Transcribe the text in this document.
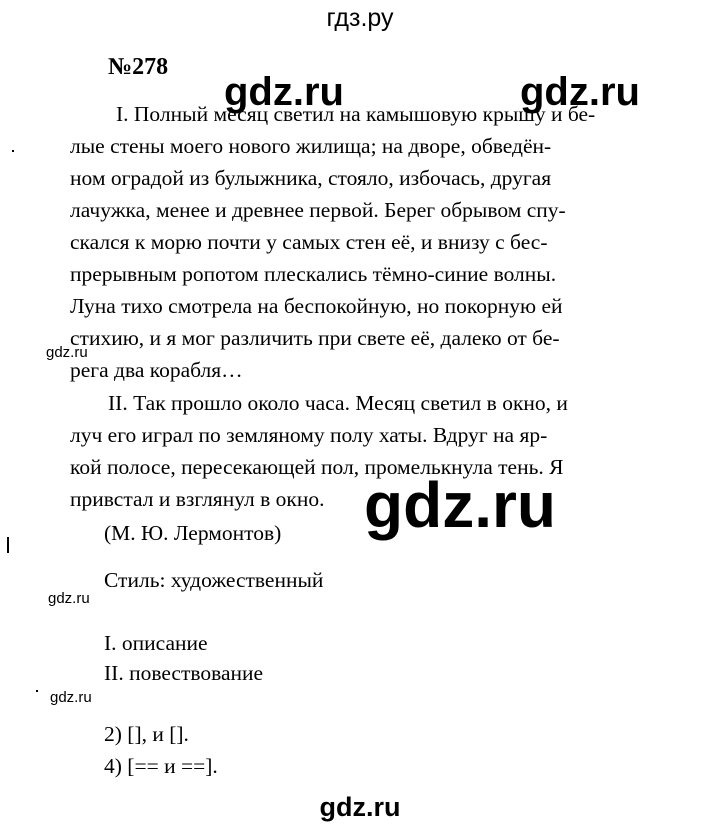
гдз.ру
№278
I. Полный месяц светил на камышовую крышу и бе-
лые стены моего нового жилища; на дворе, обведён-
ном оградой из булыжника, стояло, избочась, другая
лачужка, менее и древнее первой. Берег обрывом спу-
скался к морю почти у самых стен её, и внизу с бес-
прерывным ропотом плескались тёмно-синие волны.
Луна тихо смотрела на беспокойную, но покорную ей
стихию, и я мог различить при свете её, далеко от бе-
рега два корабля…
II. Так прошло около часа. Месяц светил в окно, и
луч его играл по земляному полу хаты. Вдруг на яр-
кой полосе, пересекающей пол, промелькнула тень. Я
привстал и взглянул в окно.
(М. Ю. Лермонтов)
Стиль: художественный
I. описание
II. повествование
2) [], и [].
4) [== и ==].
gdz.ru	gdz.ru
gdz.ru
gdz.ru
gdz.ru
gdz.ru
gdz.ru
